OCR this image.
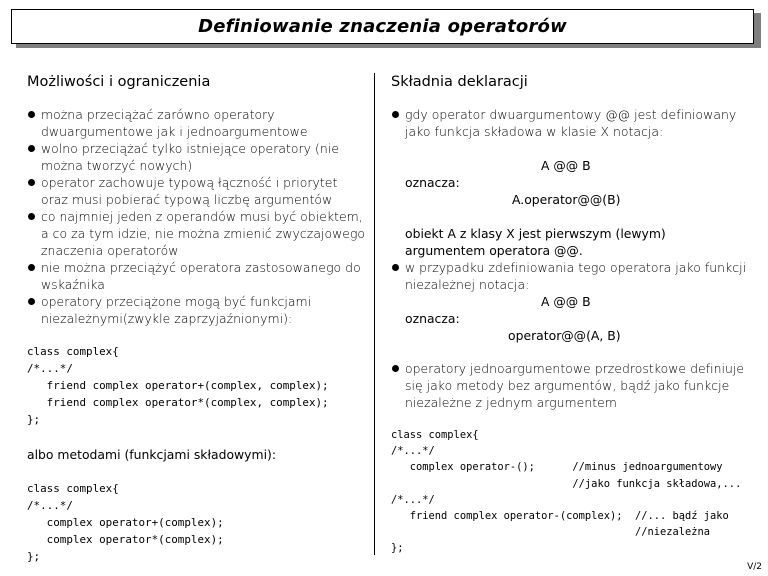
Definiowanie znaczenia operatorów
Możliwości i ograniczenia
można przeciążać zarówno operatory dwuargumentowe jak i jednoargumentowe
wolno przeciążać tylko istniejące operatory (nie można tworzyć nowych)
operator zachowuje typową łączność i priorytet oraz musi pobierać typową liczbę argumentów
co najmniej jeden z operandów musi być obiektem, a co za tym idzie, nie można zmienić zwyczajowego znaczenia operatorów
nie można przeciążyć operatora zastosowanego do wskaźnika
operatory przeciążone mogą być funkcjami niezależnymi(zwykle zaprzyjaźnionymi):
class complex{
/*...*/
friend complex operator+(complex, complex);
friend complex operator*(complex, complex);
};
albo metodami (funkcjami składowymi):
class complex{
/*...*/
complex operator+(complex);
complex operator*(complex);
};
Składnia deklaracji
gdy operator dwuargumentowy @@ jest definiowany jako funkcja składowa w klasie X notacja:
A @@ B
oznacza:
A.operator@@(B)
obiekt A z klasy X jest pierwszym (lewym) argumentem operatora @@.
w przypadku zdefiniowania tego operatora jako funkcji niezależnej notacja:
A @@ B
oznacza:
operator@@(A, B)
operatory jednoargumentowe przedrostkowe definiuje się jako metody bez argumentów, bądź jako funkcje niezależne z jednym argumentem
class complex{
/*...*/
complex operator-();      //minus jednoargumentowy
//jako funkcja składowa,...
/*...*/
friend complex operator-(complex);  //... bądź jako
//niezależna
};
V/2
